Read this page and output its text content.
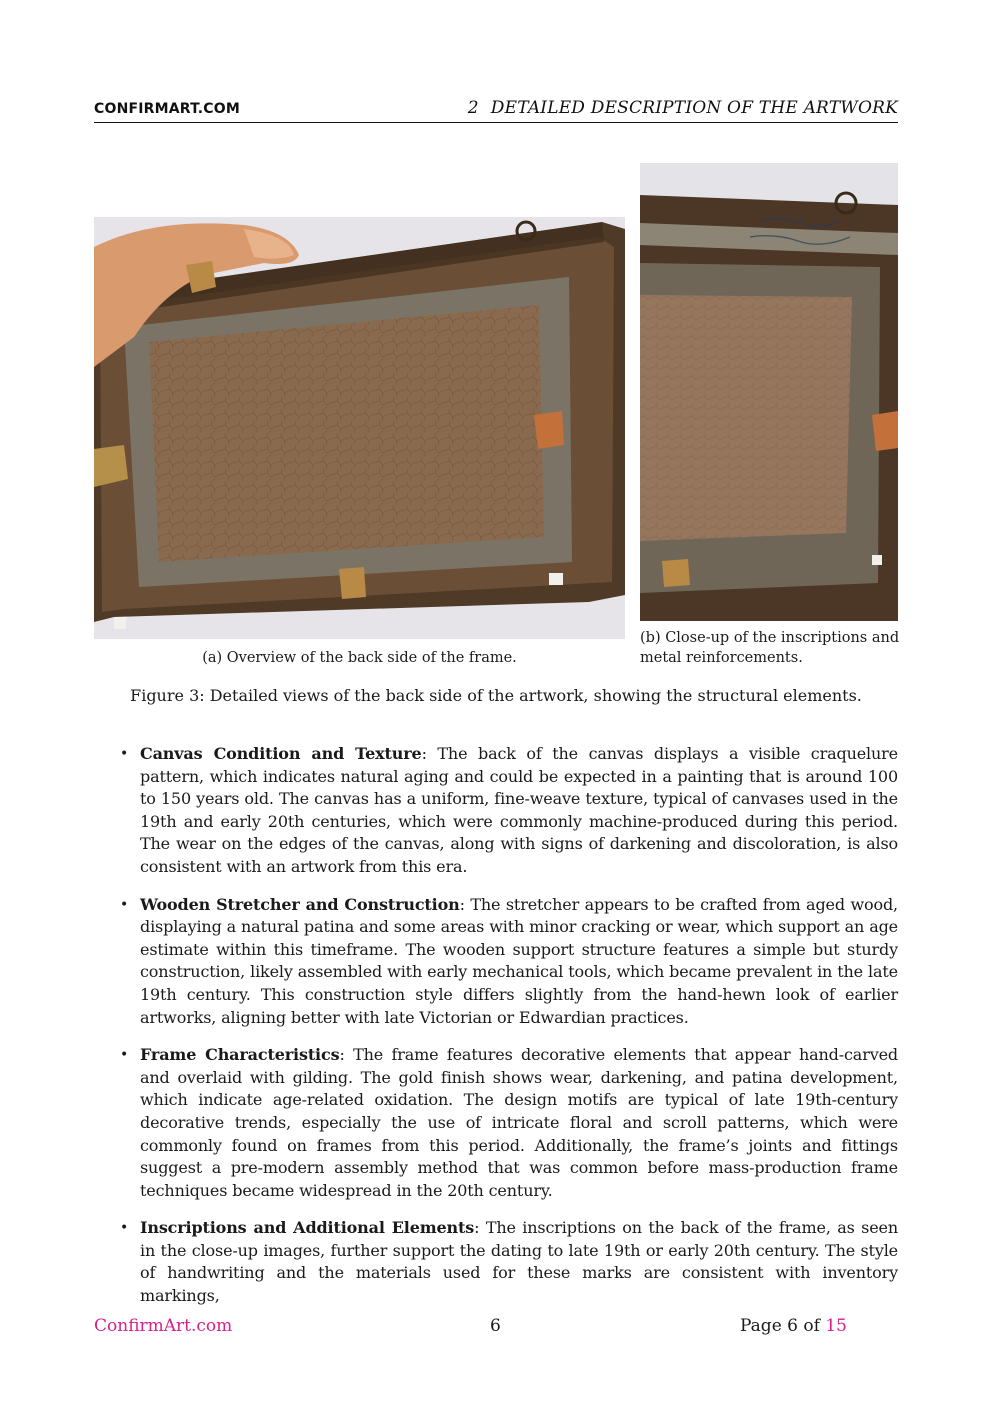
CONFIRMART.COM	2 DETAILED DESCRIPTION OF THE ARTWORK
(a) Overview of the back side of the frame.
(b) Close-up of the inscriptions and metal reinforcements.
Figure 3: Detailed views of the back side of the artwork, showing the structural elements.
• Canvas Condition and Texture: The back of the canvas displays a visible craquelure pattern, which indicates natural aging and could be expected in a painting that is around 100 to 150 years old. The canvas has a uniform, fine-weave texture, typical of canvases used in the 19th and early 20th centuries, which were commonly machine-produced during this period. The wear on the edges of the canvas, along with signs of darkening and discoloration, is also consistent with an artwork from this era.
• Wooden Stretcher and Construction: The stretcher appears to be crafted from aged wood, displaying a natural patina and some areas with minor cracking or wear, which support an age estimate within this timeframe. The wooden support structure features a simple but sturdy construction, likely assembled with early mechanical tools, which became prevalent in the late 19th century. This construction style differs slightly from the hand-hewn look of earlier artworks, aligning better with late Victorian or Edwardian practices.
• Frame Characteristics: The frame features decorative elements that appear hand-carved and overlaid with gilding. The gold finish shows wear, darkening, and patina development, which indicate age-related oxidation. The design motifs are typical of late 19th-century decorative trends, especially the use of intricate floral and scroll patterns, which were commonly found on frames from this period. Additionally, the frame’s joints and fittings suggest a pre-modern assembly method that was common before mass-production frame techniques became widespread in the 20th century.
• Inscriptions and Additional Elements: The inscriptions on the back of the frame, as seen in the close-up images, further support the dating to late 19th or early 20th century. The style of handwriting and the materials used for these marks are consistent with inventory markings,
ConfirmArt.com	6	Page 6 of 15
